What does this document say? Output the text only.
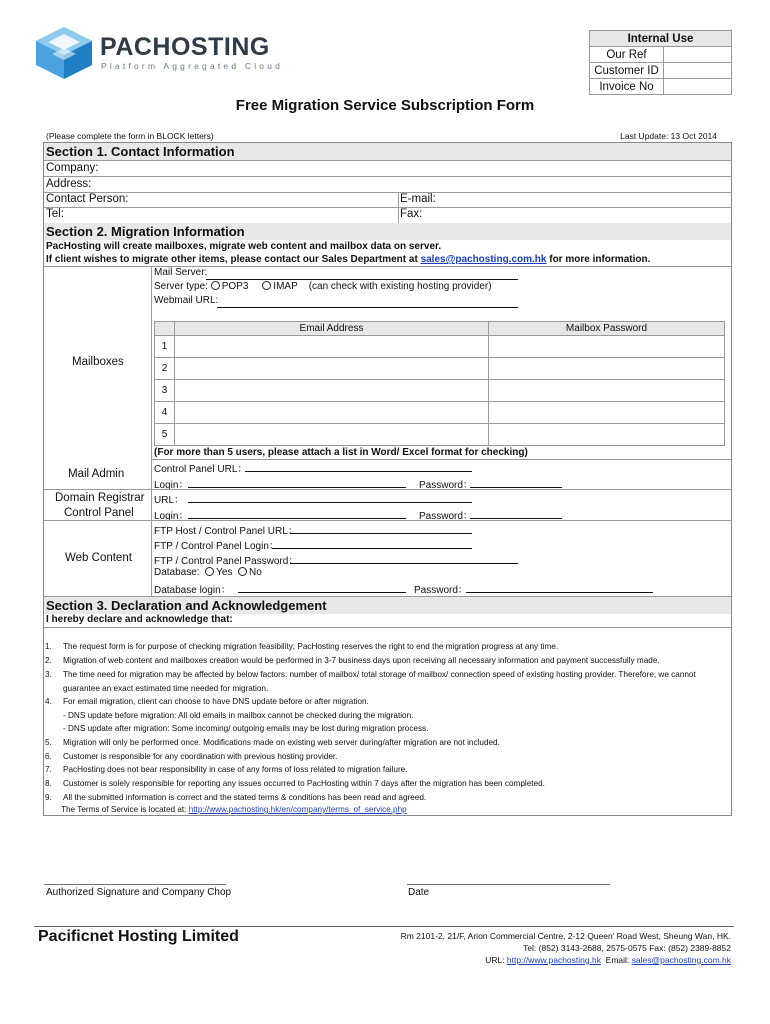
PACHOSTING
Platform Aggregated Cloud
Internal Use	
Our Ref	
Customer ID	
Invoice No	
Free Migration Service Subscription Form
(Please complete the form in BLOCK letters)	Last Update: 13 Oct 2014
Section 1. Contact Information
Company:
Address:
Contact Person:	E-mail:
Tel:	Fax:
Section 2. Migration Information
PacHosting will create mailboxes, migrate web content and mailbox data on server.
If client wishes to migrate other items, please contact our Sales Department at sales@pachosting.com.hk for more information.
Mailboxes
Mail Server:
Server type: POP3 IMAP (can check with existing hosting provider)
Webmail URL:
	Email Address	Mailbox Password
1		
2		
3		
4		
5		
(For more than 5 users, please attach a list in Word/ Excel format for checking)
Mail Admin	Control Panel URL：
Login：	Password：
Domain Registrar
Control Panel
URL：
Login：	Password：
Web Content
FTP Host / Control Panel URL：
FTP / Control Panel Login：
FTP / Control Panel Password：
Database: Yes No
Database login：	Password：
Section 3. Declaration and Acknowledgement
I hereby declare and acknowledge that:
1. The request form is for purpose of checking migration feasibility; PacHosting reserves the right to end the migration progress at any time.
2. Migration of web content and mailboxes creation would be performed in 3-7 business days upon receiving all necessary information and payment successfully made.
3. The time need for migration may be affected by below factors: number of mailbox/ total storage of mailbox/ connection speed of existing hosting provider. Therefore, we cannot
guarantee an exact estimated time needed for migration.
4. For email migration, client can choose to have DNS update before or after migration.
- DNS update before migration: All old emails in mailbox cannot be checked during the migration.
- DNS update after migration: Some incoming/ outgoing emails may be lost during migration process.
5. Migration will only be performed once. Modifications made on existing web server during/after migration are not included.
6. Customer is responsible for any coordination with previous hosting provider.
7. PacHosting does not bear responsibility in case of any forms of loss related to migration failure.
8. Customer is solely responsible for reporting any issues occurred to PacHosting within 7 days after the migration has been completed.
9. All the submitted information is correct and the stated terms & conditions has been read and agreed.
The Terms of Service is located at: http://www.pachosting.hk/en/company/terms_of_service.php
Authorized Signature and Company Chop	Date
Pacificnet Hosting Limited	Rm 2101-2, 21/F, Arion Commercial Centre, 2-12 Queen’ Road West, Sheung Wan, HK.
Tel: (852) 3143-2688, 2575-0575 Fax: (852) 2389-8852
URL: http://www.pachosting.hk  Email: sales@pachosting.com.hk
